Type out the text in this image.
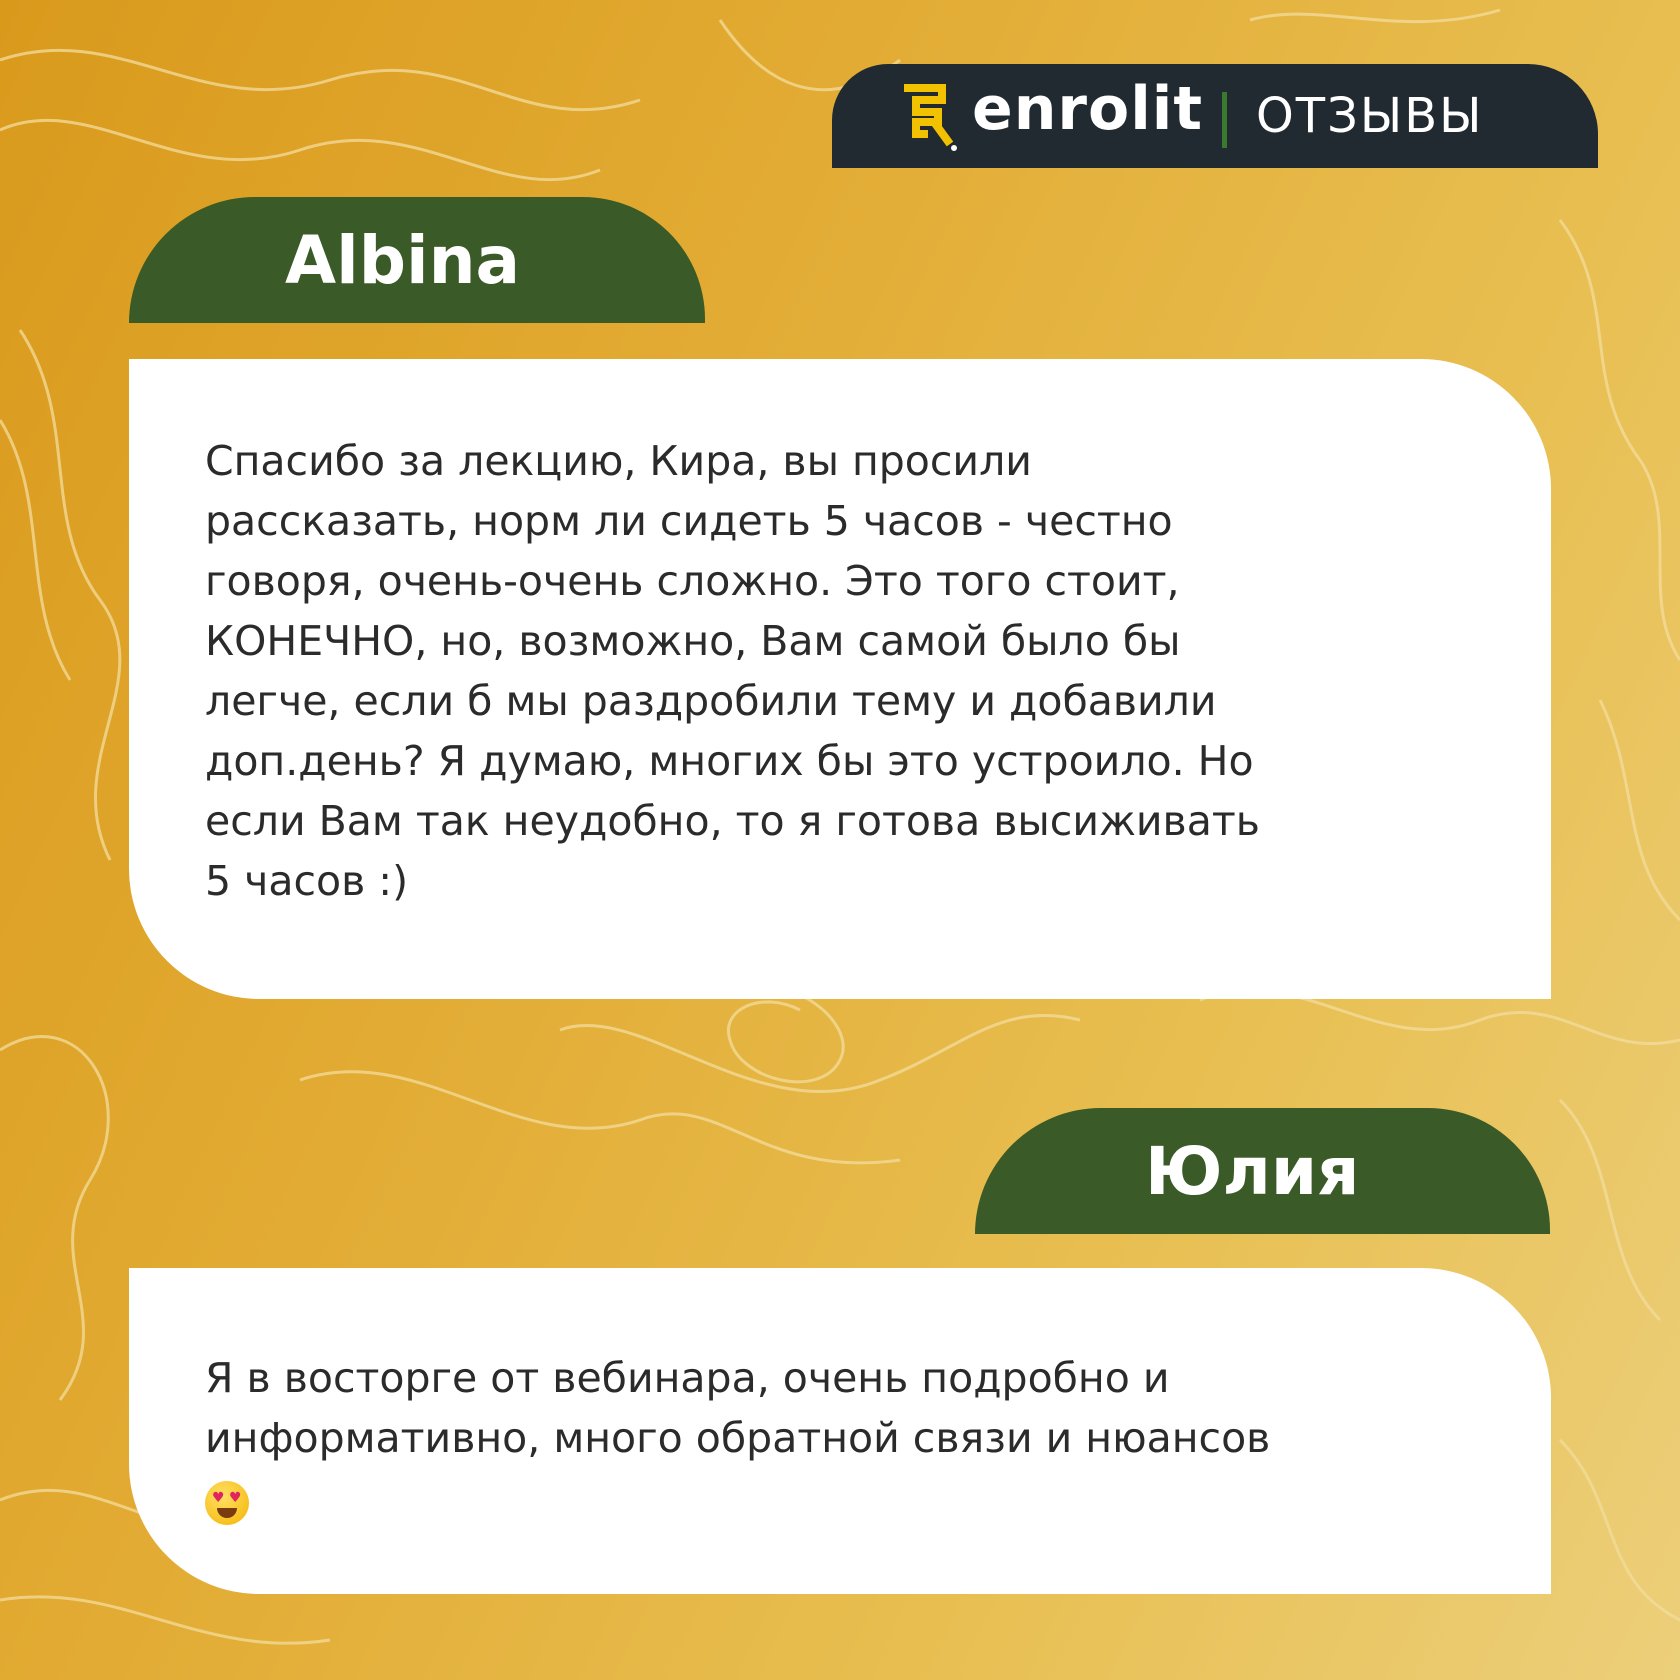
enrolit ОТЗЫВЫ
Albina
Спасибо за лекцию, Кира, вы просили
рассказать, норм ли сидеть 5 часов - честно
говоря, очень-очень сложно. Это того стоит,
КОНЕЧНО, но, возможно, Вам самой было бы
легче, если б мы раздробили тему и добавили
доп.день? Я думаю, многих бы это устроило. Но
если Вам так неудобно, то я готова высиживать
5 часов :)
Юлия
Я в восторге от вебинара, очень подробно и
информативно, много обратной связи и нюансов
♥ ♥
